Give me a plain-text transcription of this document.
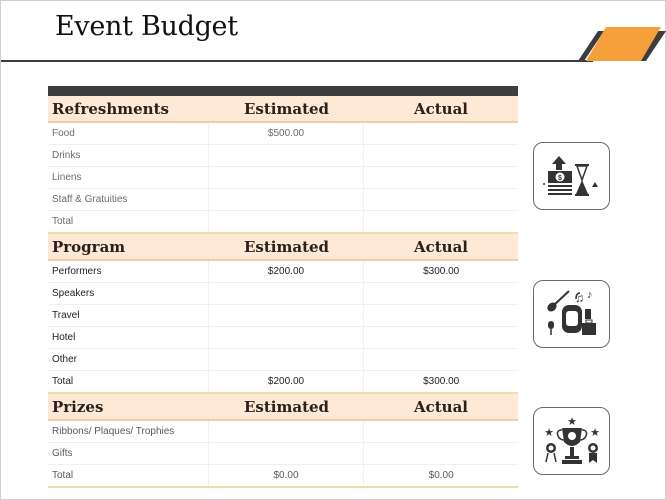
Event Budget
Refreshments	Estimated	Actual
Food	$500.00
Drinks
Linens
Staff & Gratuities
Total
Program	Estimated	Actual
Performers	$200.00	$300.00
Speakers
Travel
Hotel
Other
Total	$200.00	$300.00
Prizes	Estimated	Actual
Ribbons/ Plaques/ Trophies
Gifts
Total	$0.00	$0.00
$
♫ ♪
★
★	★
